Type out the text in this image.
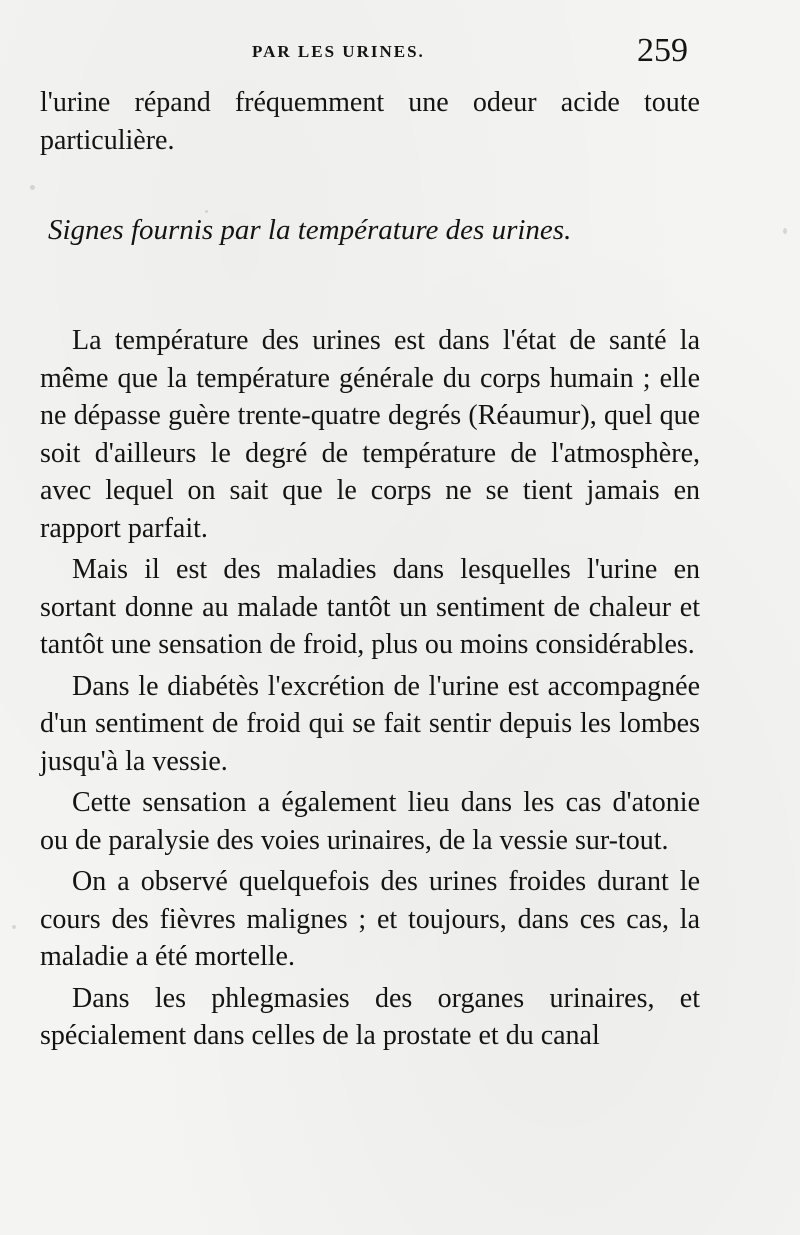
PAR LES URINES.	259

l'urine répand fréquemment une odeur acide toute particulière.

Signes fournis par la température des urines.

La température des urines est dans l'état de santé la même que la température générale du corps humain ; elle ne dépasse guère trente-quatre degrés (Réaumur), quel que soit d'ailleurs le degré de température de l'atmosphère, avec lequel on sait que le corps ne se tient jamais en rapport parfait.

Mais il est des maladies dans lesquelles l'urine en sortant donne au malade tantôt un sentiment de chaleur et tantôt une sensation de froid, plus ou moins considérables.

Dans le diabétès l'excrétion de l'urine est accompagnée d'un sentiment de froid qui se fait sentir depuis les lombes jusqu'à la vessie.

Cette sensation a également lieu dans les cas d'atonie ou de paralysie des voies urinaires, de la vessie sur-tout.

On a observé quelquefois des urines froides durant le cours des fièvres malignes ; et toujours, dans ces cas, la maladie a été mortelle.

Dans les phlegmasies des organes urinaires, et spécialement dans celles de la prostate et du canal
